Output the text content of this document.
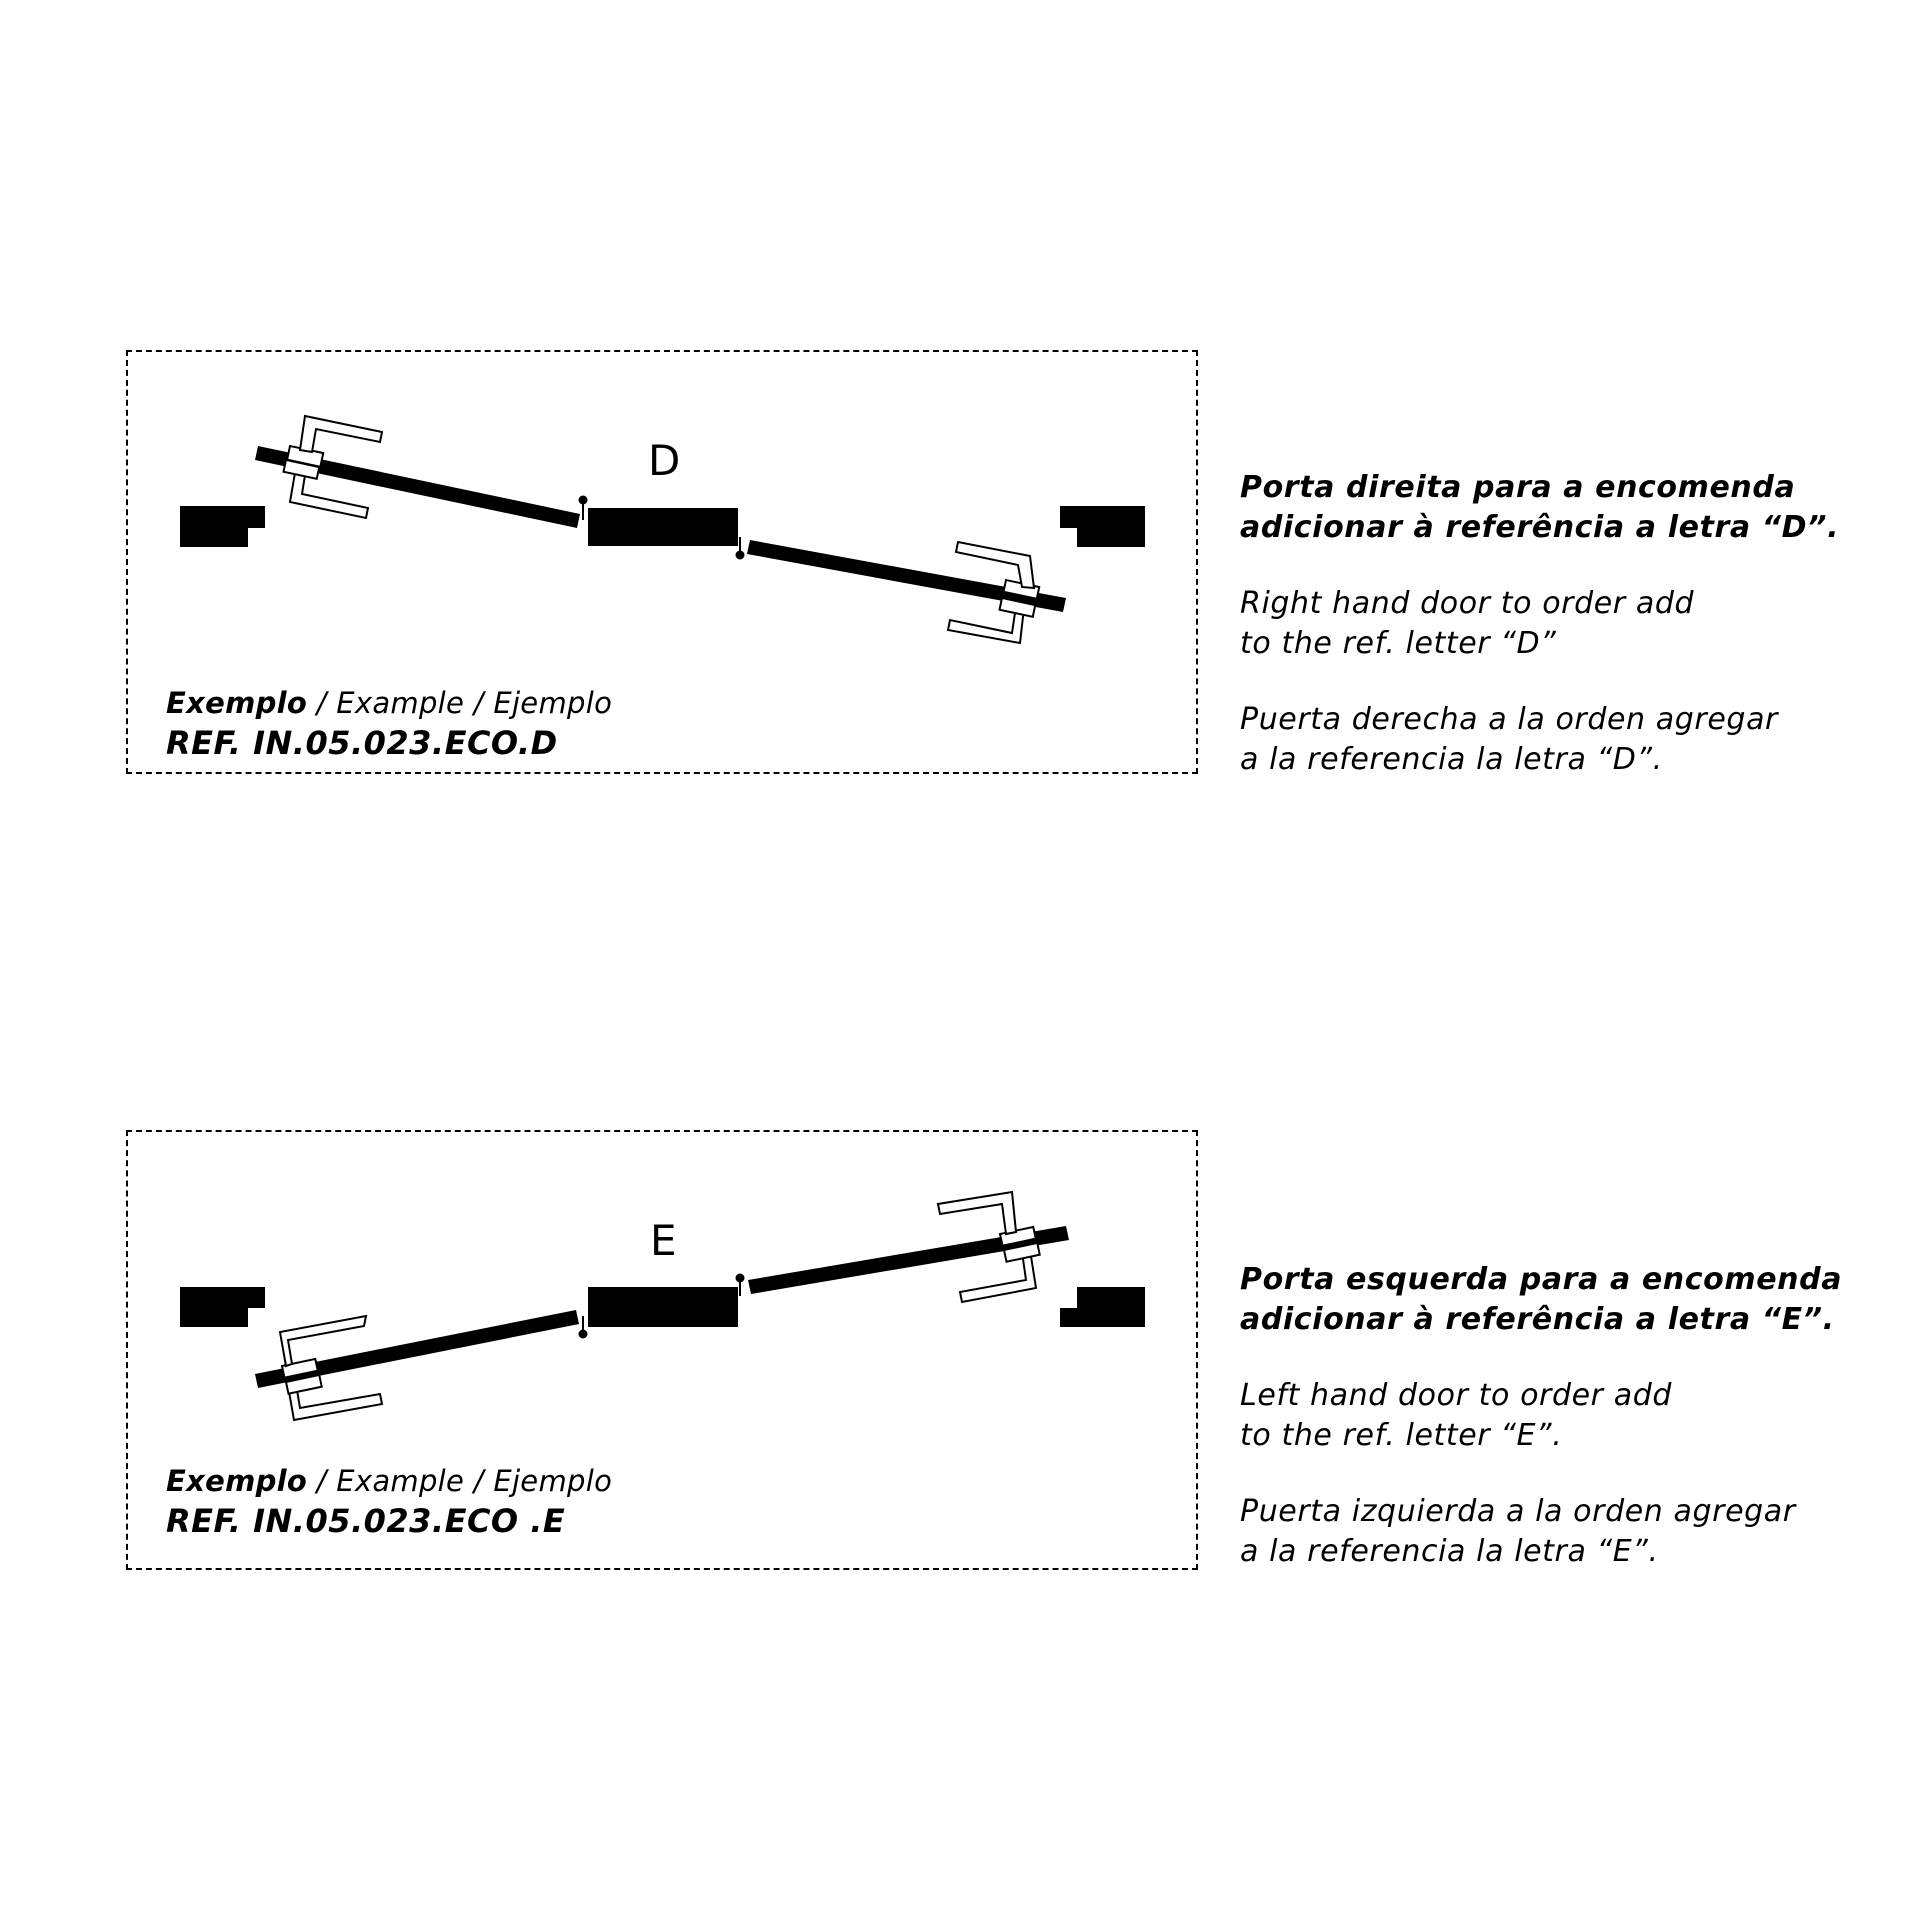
D
Exemplo / Example / Ejemplo
REF. IN.05.023.ECO.D

Porta direita para a encomenda
adicionar à referência a letra “D”.

Right hand door to order add
to the ref. letter “D”

Puerta derecha a la orden agregar
a la referencia la letra “D”.

E
Exemplo / Example / Ejemplo
REF. IN.05.023.ECO .E

Porta esquerda para a encomenda
adicionar à referência a letra “E”.

Left hand door to order add
to the ref. letter “E”.

Puerta izquierda a la orden agregar
a la referencia la letra “E”.
